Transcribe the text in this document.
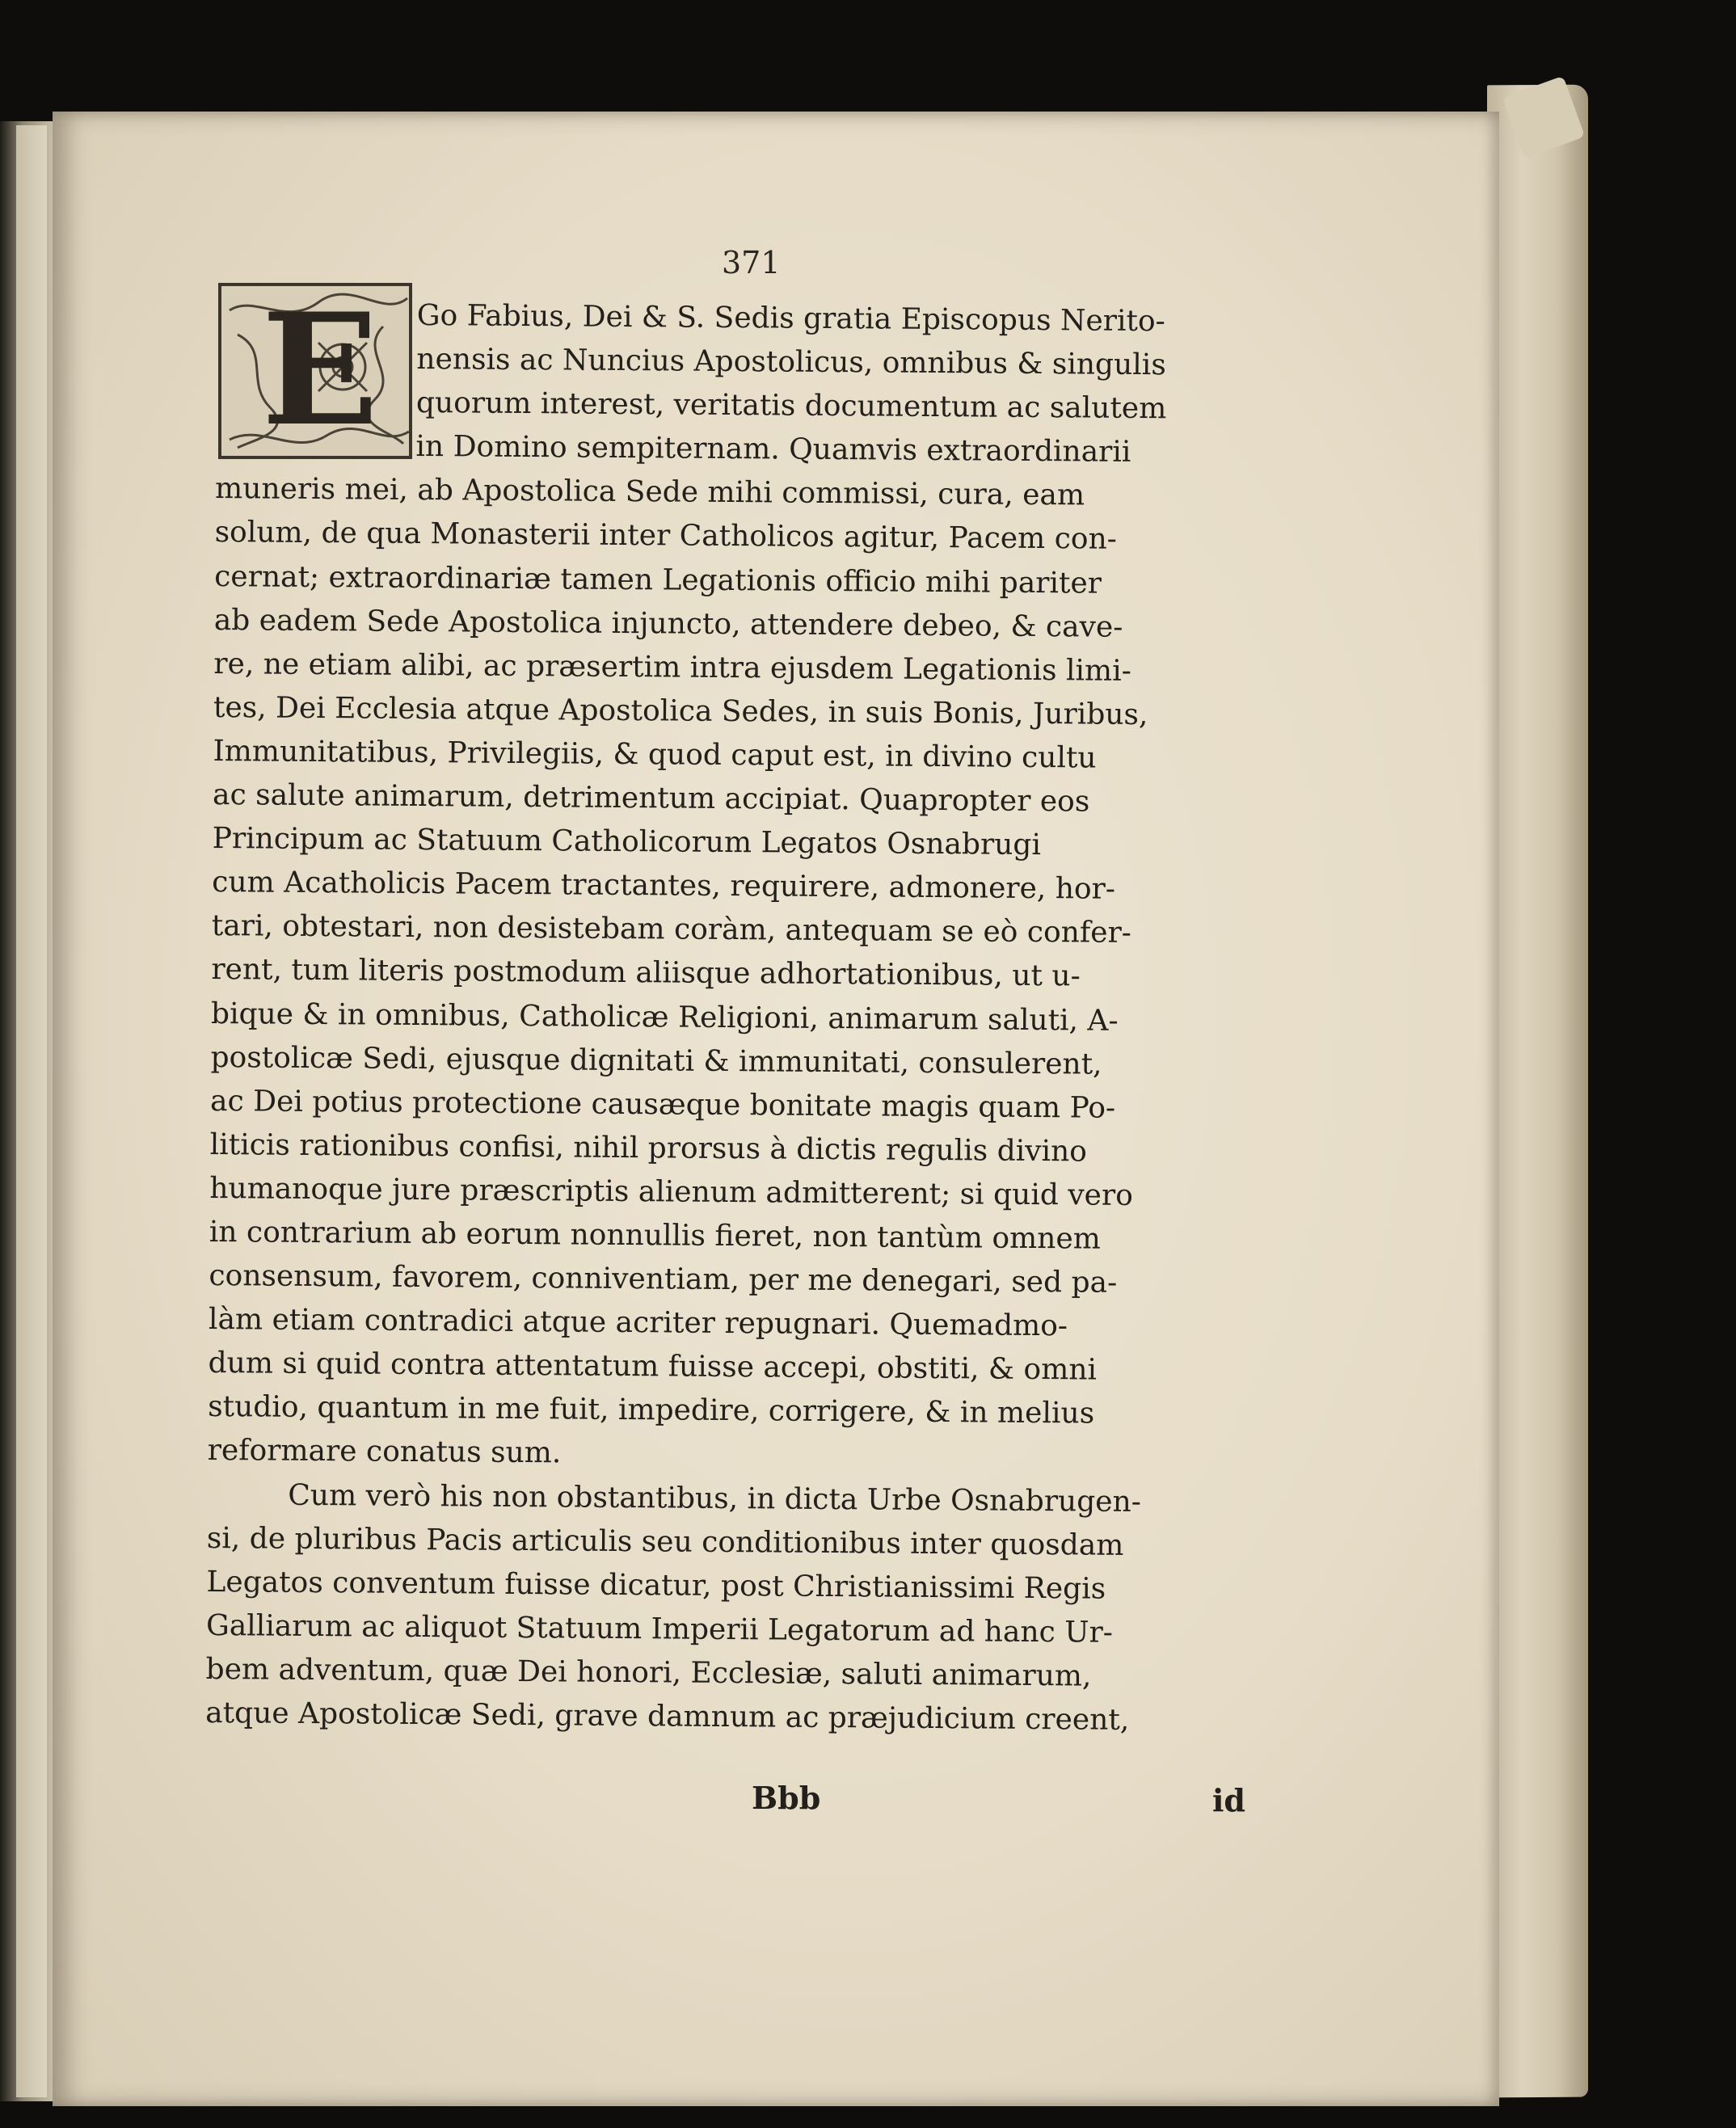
371
E	Go Fabius, Dei & S. Sedis gratia Episcopus Nerito-
nensis ac Nuncius Apostolicus, omnibus & singulis
quorum interest, veritatis documentum ac salutem
in Domino sempiternam. Quamvis extraordinarii
muneris mei, ab Apostolica Sede mihi commissi, cura, eam
solum, de qua Monasterii inter Catholicos agitur, Pacem con-
cernat; extraordinariæ tamen Legationis officio mihi pariter
ab eadem Sede Apostolica injuncto, attendere debeo, & cave-
re, ne etiam alibi, ac præsertim intra ejusdem Legationis limi-
tes, Dei Ecclesia atque Apostolica Sedes, in suis Bonis, Juribus,
Immunitatibus, Privilegiis, & quod caput est, in divino cultu
ac salute animarum, detrimentum accipiat. Quapropter eos
Principum ac Statuum Catholicorum Legatos Osnabrugi
cum Acatholicis Pacem tractantes, requirere, admonere, hor-
tari, obtestari, non desistebam coràm, antequam se eò confer-
rent, tum literis postmodum aliisque adhortationibus, ut u-
bique & in omnibus, Catholicæ Religioni, animarum saluti, A-
postolicæ Sedi, ejusque dignitati & immunitati, consulerent,
ac Dei potius protectione causæque bonitate magis quam Po-
liticis rationibus confisi, nihil prorsus à dictis regulis divino
humanoque jure præscriptis alienum admitterent; si quid vero
in contrarium ab eorum nonnullis fieret, non tantùm omnem
consensum, favorem, conniventiam, per me denegari, sed pa-
làm etiam contradici atque acriter repugnari. Quemadmo-
dum si quid contra attentatum fuisse accepi, obstiti, & omni
studio, quantum in me fuit, impedire, corrigere, & in melius
reformare conatus sum.
Cum verò his non obstantibus, in dicta Urbe Osnabrugen-
si, de pluribus Pacis articulis seu conditionibus inter quosdam
Legatos conventum fuisse dicatur, post Christianissimi Regis
Galliarum ac aliquot Statuum Imperii Legatorum ad hanc Ur-
bem adventum, quæ Dei honori, Ecclesiæ, saluti animarum,
atque Apostolicæ Sedi, grave damnum ac præjudicium creent,
Bbb	id
